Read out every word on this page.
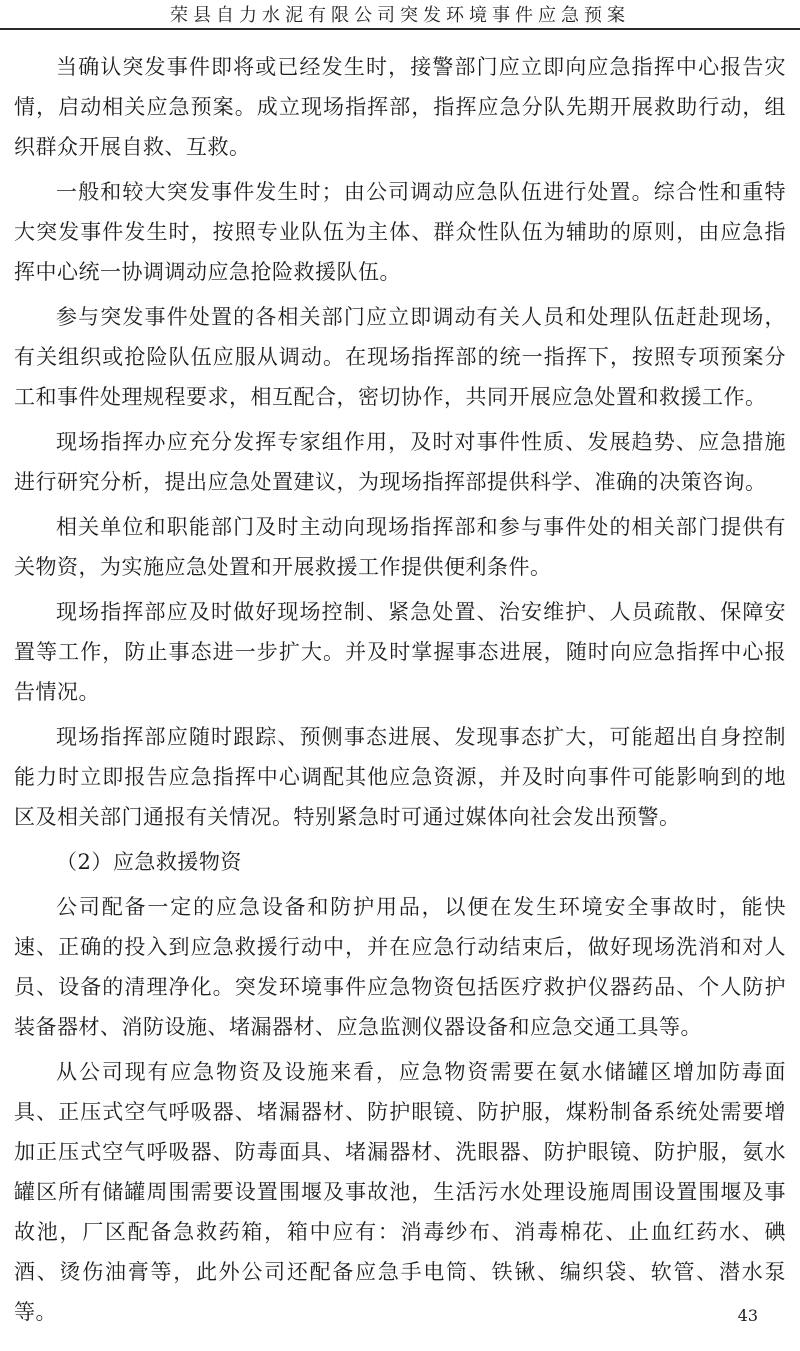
荣县自力水泥有限公司突发环境事件应急预案

当确认突发事件即将或已经发生时，接警部门应立即向应急指挥中心报告灾情，启动相关应急预案。成立现场指挥部，指挥应急分队先期开展救助行动，组织群众开展自救、互救。

一般和较大突发事件发生时；由公司调动应急队伍进行处置。综合性和重特大突发事件发生时，按照专业队伍为主体、群众性队伍为辅助的原则，由应急指挥中心统一协调调动应急抢险救援队伍。

参与突发事件处置的各相关部门应立即调动有关人员和处理队伍赶赴现场，有关组织或抢险队伍应服从调动。在现场指挥部的统一指挥下，按照专项预案分工和事件处理规程要求，相互配合，密切协作，共同开展应急处置和救援工作。

现场指挥办应充分发挥专家组作用，及时对事件性质、发展趋势、应急措施进行研究分析，提出应急处置建议，为现场指挥部提供科学、准确的决策咨询。

相关单位和职能部门及时主动向现场指挥部和参与事件处的相关部门提供有关物资，为实施应急处置和开展救援工作提供便利条件。

现场指挥部应及时做好现场控制、紧急处置、治安维护、人员疏散、保障安置等工作，防止事态进一步扩大。并及时掌握事态进展，随时向应急指挥中心报告情况。

现场指挥部应随时跟踪、预侧事态进展、发现事态扩大，可能超出自身控制能力时立即报告应急指挥中心调配其他应急资源，并及时向事件可能影响到的地区及相关部门通报有关情况。特别紧急时可通过媒体向社会发出预警。

（2）应急救援物资

公司配备一定的应急设备和防护用品，以便在发生环境安全事故时，能快速、正确的投入到应急救援行动中，并在应急行动结束后，做好现场洗消和对人员、设备的清理净化。突发环境事件应急物资包括医疗救护仪器药品、个人防护装备器材、消防设施、堵漏器材、应急监测仪器设备和应急交通工具等。

从公司现有应急物资及设施来看，应急物资需要在氨水储罐区增加防毒面具、正压式空气呼吸器、堵漏器材、防护眼镜、防护服，煤粉制备系统处需要增加正压式空气呼吸器、防毒面具、堵漏器材、洗眼器、防护眼镜、防护服，氨水罐区所有储罐周围需要设置围堰及事故池，生活污水处理设施周围设置围堰及事故池，厂区配备急救药箱，箱中应有：消毒纱布、消毒棉花、止血红药水、碘酒、烫伤油膏等，此外公司还配备应急手电筒、铁锹、编织袋、软管、潜水泵等。	43
